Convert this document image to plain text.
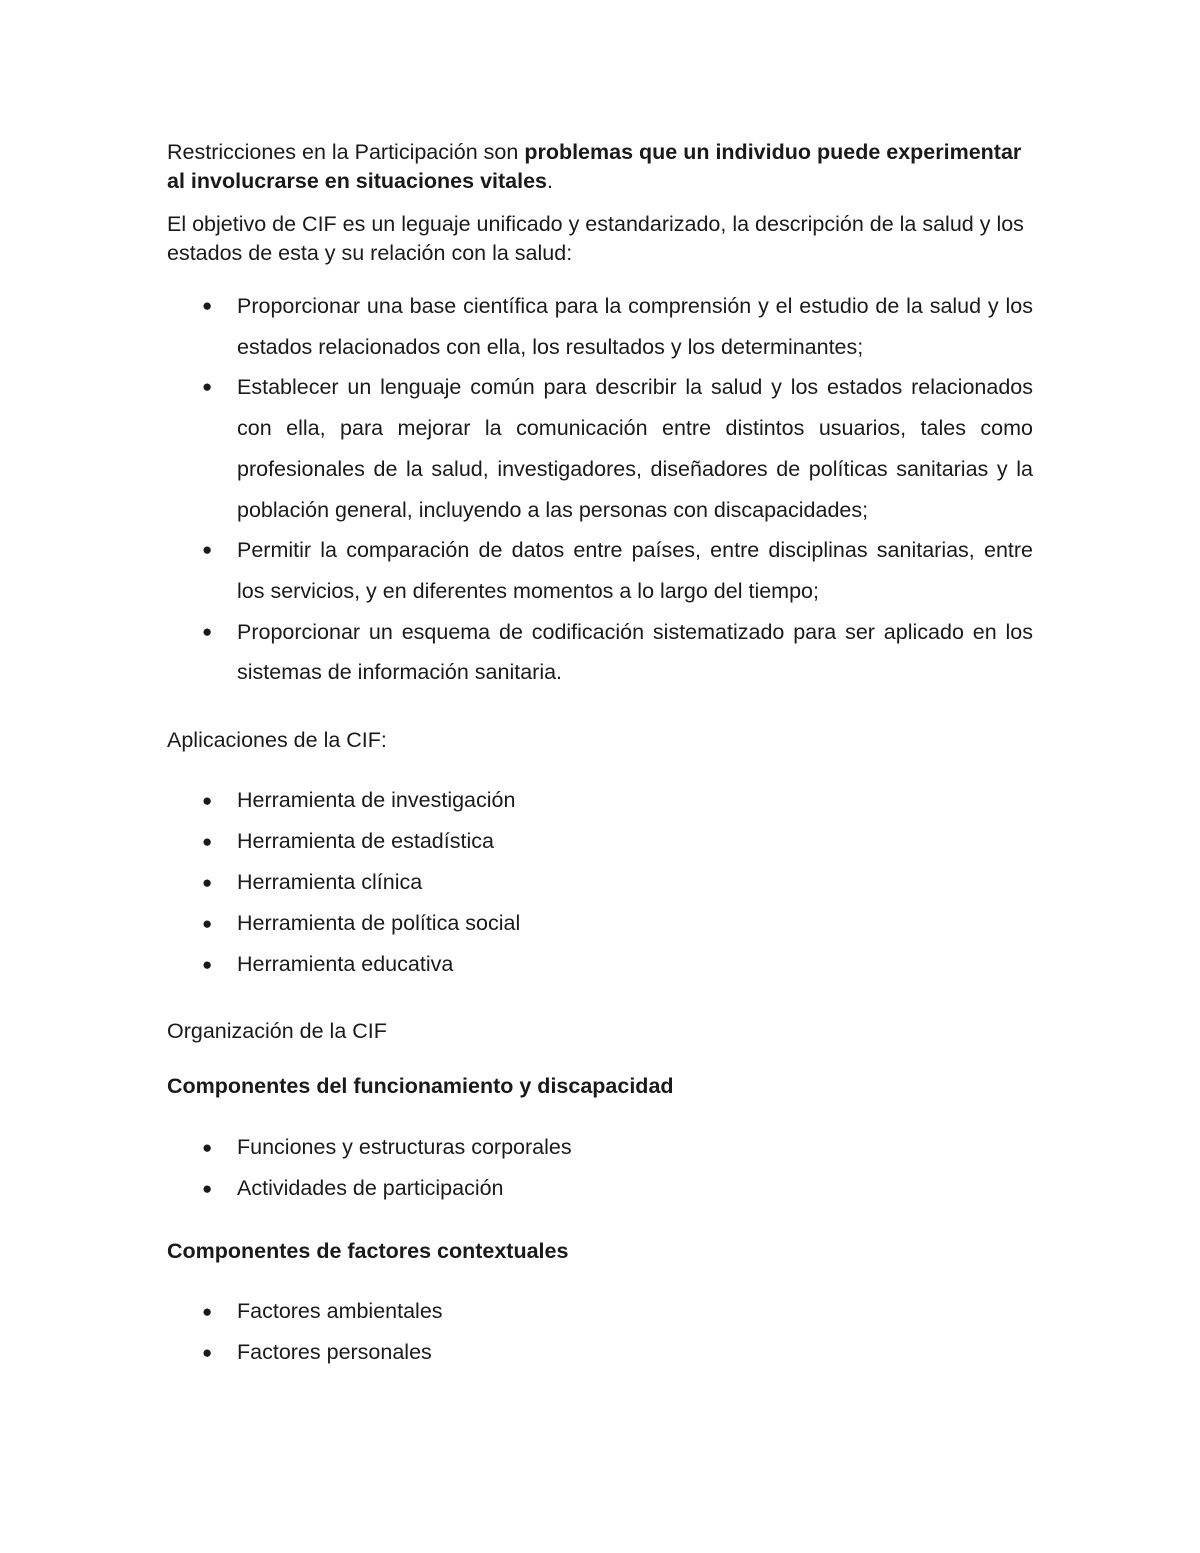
Restricciones en la Participación son problemas que un individuo puede experimentar al involucrarse en situaciones vitales.

El objetivo de CIF es un leguaje unificado y estandarizado, la descripción de la salud y los estados de esta y su relación con la salud:

● Proporcionar una base científica para la comprensión y el estudio de la salud y los estados relacionados con ella, los resultados y los determinantes;
● Establecer un lenguaje común para describir la salud y los estados relacionados con ella, para mejorar la comunicación entre distintos usuarios, tales como profesionales de la salud, investigadores, diseñadores de políticas sanitarias y la población general, incluyendo a las personas con discapacidades;
● Permitir la comparación de datos entre países, entre disciplinas sanitarias, entre los servicios, y en diferentes momentos a lo largo del tiempo;
● Proporcionar un esquema de codificación sistematizado para ser aplicado en los sistemas de información sanitaria.

Aplicaciones de la CIF:

● Herramienta de investigación
● Herramienta de estadística
● Herramienta clínica
● Herramienta de política social
● Herramienta educativa

Organización de la CIF

Componentes del funcionamiento y discapacidad

● Funciones y estructuras corporales
● Actividades de participación

Componentes de factores contextuales

● Factores ambientales
● Factores personales
